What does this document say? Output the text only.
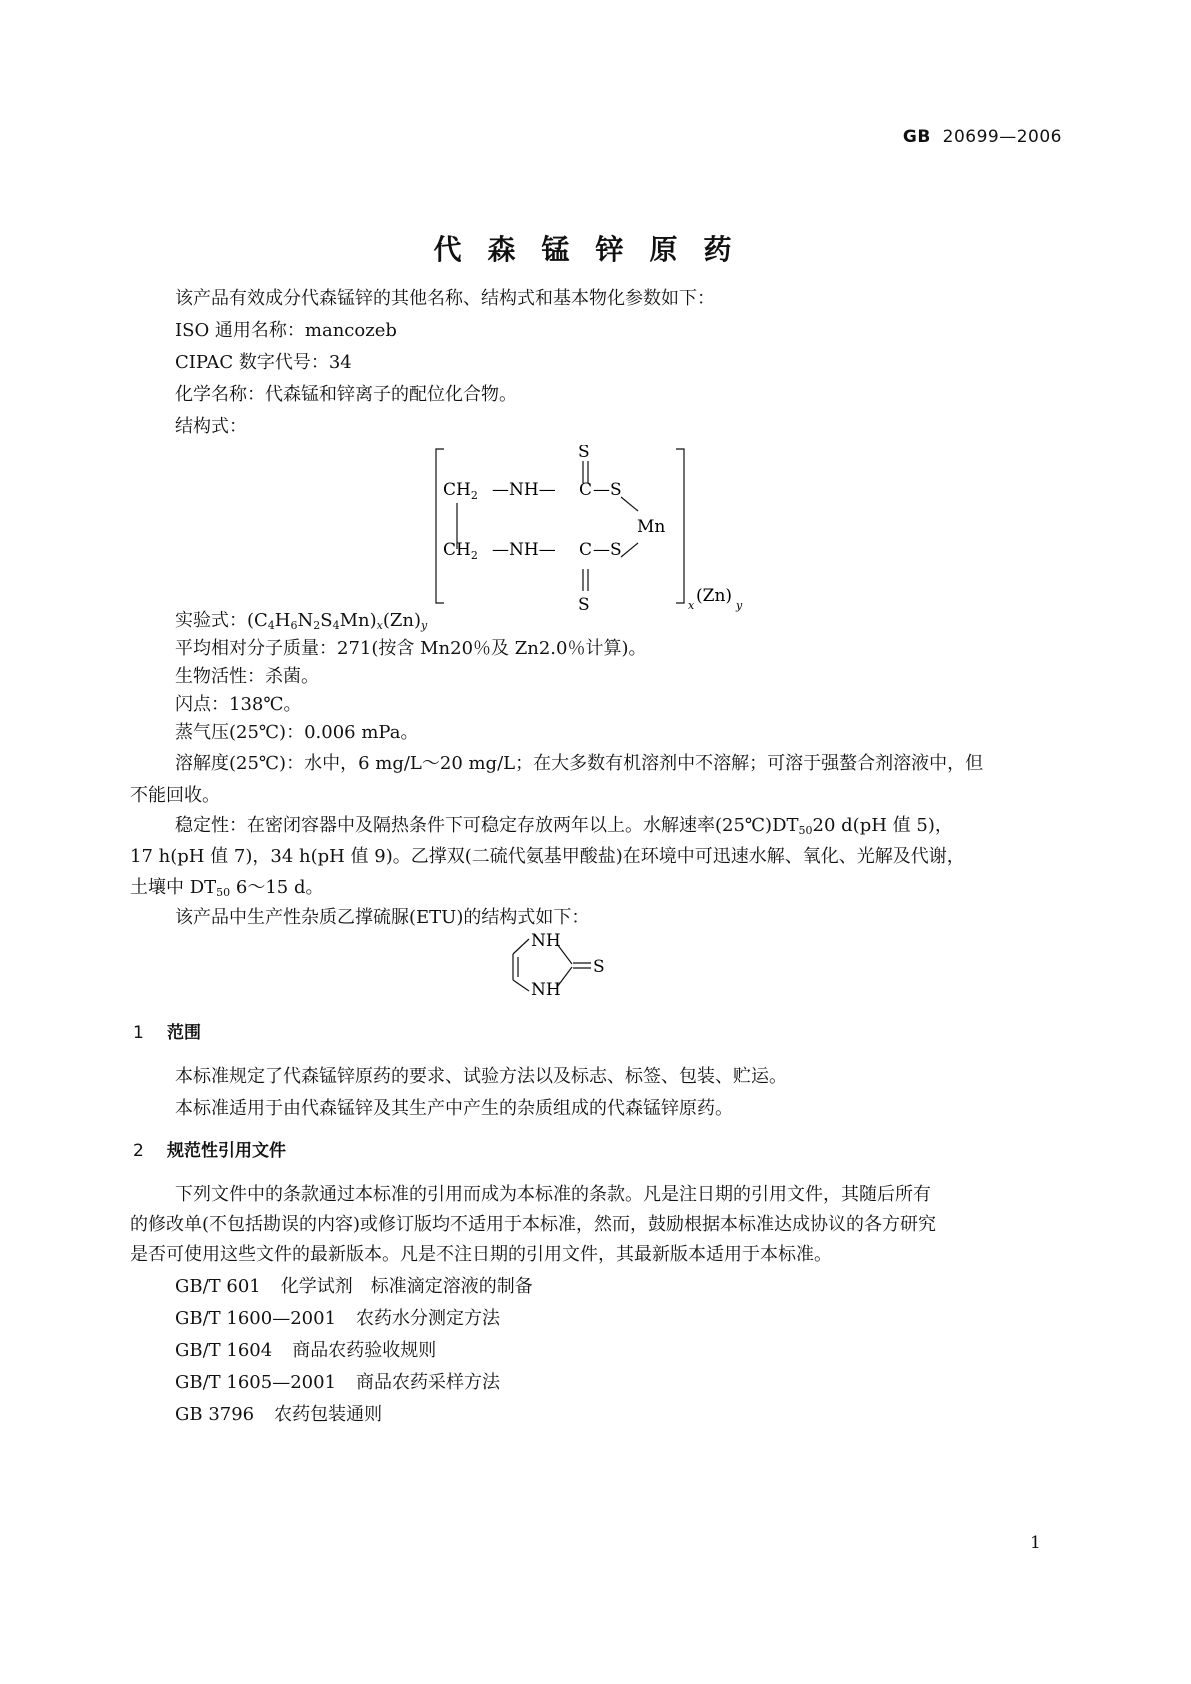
GB 20699—2006
代森锰锌原药
该产品有效成分代森锰锌的其他名称、结构式和基本物化参数如下：
ISO 通用名称：mancozeb
CIPAC 数字代号：34
化学名称：代森锰和锌离子的配位化合物。
结构式：
S
$CH_2$ —NH— C —S
Mn
$CH_2$ —NH— C —S
S	x (Zn) y
实验式：$(C_4H_6N_2S_4Mn)_x(Zn)_y$
平均相对分子质量：271(按含 Mn20％及 Zn2.0％计算)。
生物活性：杀菌。
闪点：138℃。
蒸气压(25℃)：0.006 mPa。
溶解度(25℃)：水中，6 mg/L～20 mg/L；在大多数有机溶剂中不溶解；可溶于强螯合剂溶液中，但
不能回收。
稳定性：在密闭容器中及隔热条件下可稳定存放两年以上。水解速率$(25℃)DT_{50}20$ d(pH 值 5)，
17 h(pH 值 7)，34 h(pH 值 9)。乙撑双(二硫代氨基甲酸盐)在环境中可迅速水解、氧化、光解及代谢，
土壤中 $DT_{50}$ 6～15 d。
该产品中生产性杂质乙撑硫脲(ETU)的结构式如下：
NH
S
NH
1 范围
本标准规定了代森锰锌原药的要求、试验方法以及标志、标签、包装、贮运。
本标准适用于由代森锰锌及其生产中产生的杂质组成的代森锰锌原药。
2 规范性引用文件
下列文件中的条款通过本标准的引用而成为本标准的条款。凡是注日期的引用文件，其随后所有
的修改单(不包括勘误的内容)或修订版均不适用于本标准，然而，鼓励根据本标准达成协议的各方研究
是否可使用这些文件的最新版本。凡是不注日期的引用文件，其最新版本适用于本标准。
GB/T 601 化学试剂　标准滴定溶液的制备
GB/T 1600—2001 农药水分测定方法
GB/T 1604 商品农药验收规则
GB/T 1605—2001 商品农药采样方法
GB 3796 农药包装通则
1
